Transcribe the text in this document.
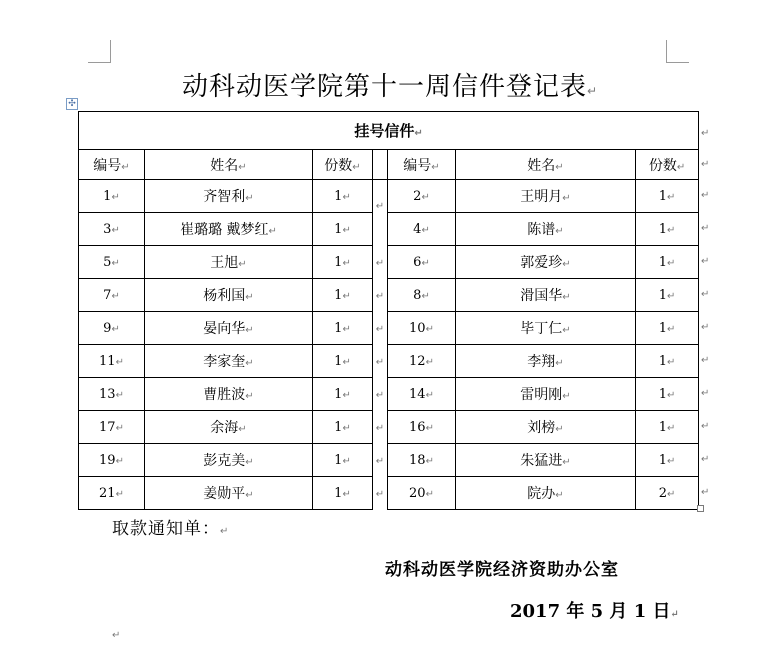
动科动医学院第十一周信件登记表↵
✣
挂号信件↵						
编号↵	姓名↵	份数↵		编号↵	姓名↵	份数↵
1↵	齐智利↵	1↵	↵	2↵	王明月↵	1↵
3↵	崔璐璐 戴梦红↵	1↵		4↵	陈谱↵	1↵
5↵	王旭↵	1↵	↵	6↵	郭爱珍↵	1↵
7↵	杨利国↵	1↵	↵	8↵	滑国华↵	1↵
9↵	晏向华↵	1↵	↵	10↵	毕丁仁↵	1↵
11↵	李家奎↵	1↵	↵	12↵	李翔↵	1↵
13↵	曹胜波↵	1↵	↵	14↵	雷明刚↵	1↵
17↵	余海↵	1↵	↵	16↵	刘榜↵	1↵
19↵	彭克美↵	1↵	↵	18↵	朱猛进↵	1↵
21↵	姜勋平↵	1↵	↵	20↵	院办↵	2↵
↵
↵
↵
↵
↵
↵
↵
↵
↵
↵
↵
↵
取款通知单：↵
动科动医学院经济资助办公室
2017 年 5 月 1 日↵
↵
